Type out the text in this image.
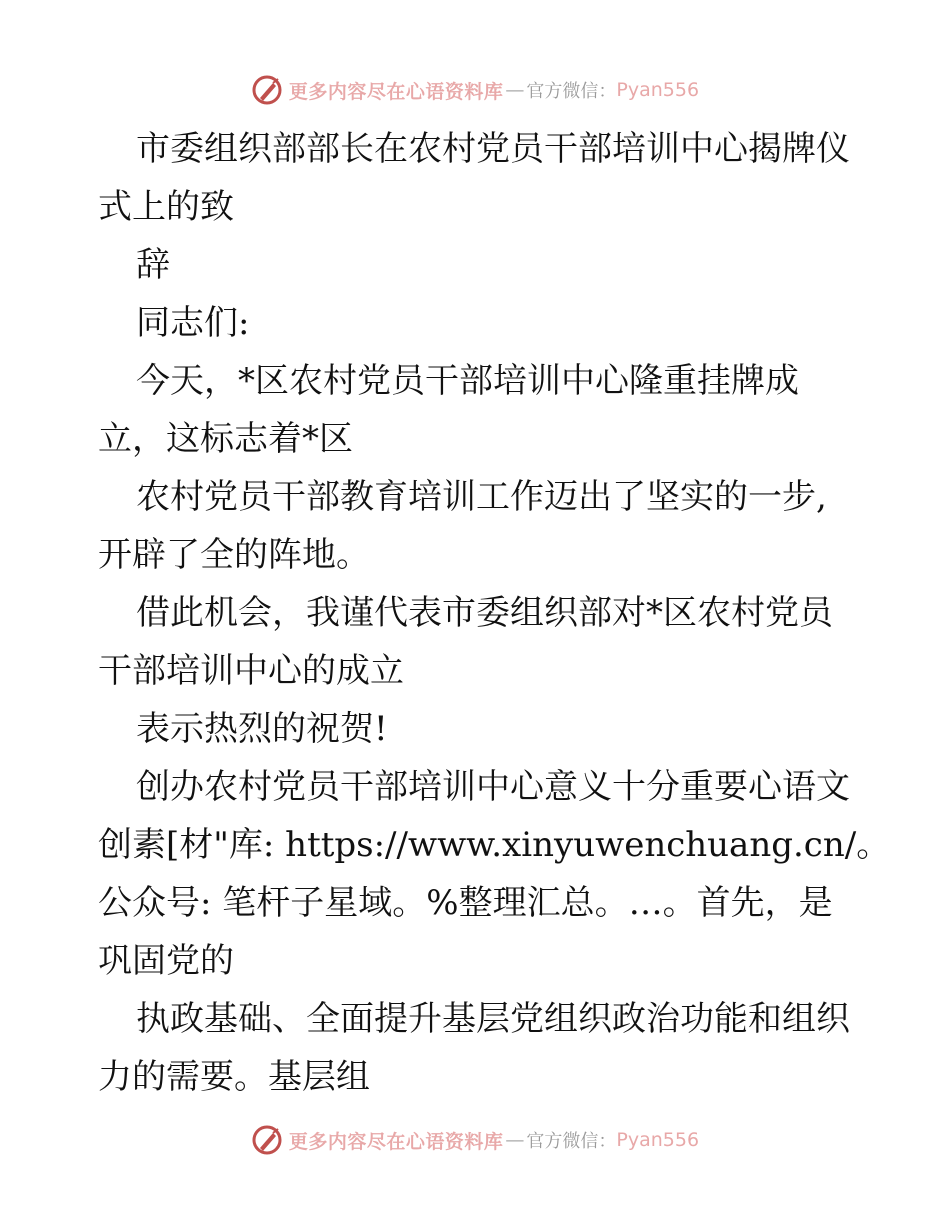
更多内容尽在心语资料库 — 官方微信： Pyan556
市委组织部部长在农村党员干部培训中心揭牌仪
式上的致
辞
同志们:
今天，*区农村党员干部培训中心隆重挂牌成
立，这标志着*区
农村党员干部教育培训工作迈出了坚实的一步,
开辟了全的阵地。
借此机会，我谨代表市委组织部对*区农村党员
干部培训中心的成立
表示热烈的祝贺!
创办农村党员干部培训中心意义十分重要心语文
创素[材"库: https://www.xinyuwenchuang.cn/。
公众号: 笔杆子星域。%整理汇总。…。首先，是
巩固党的
执政基础、全面提升基层党组织政治功能和组织
力的需要。基层组
更多内容尽在心语资料库 — 官方微信： Pyan556
